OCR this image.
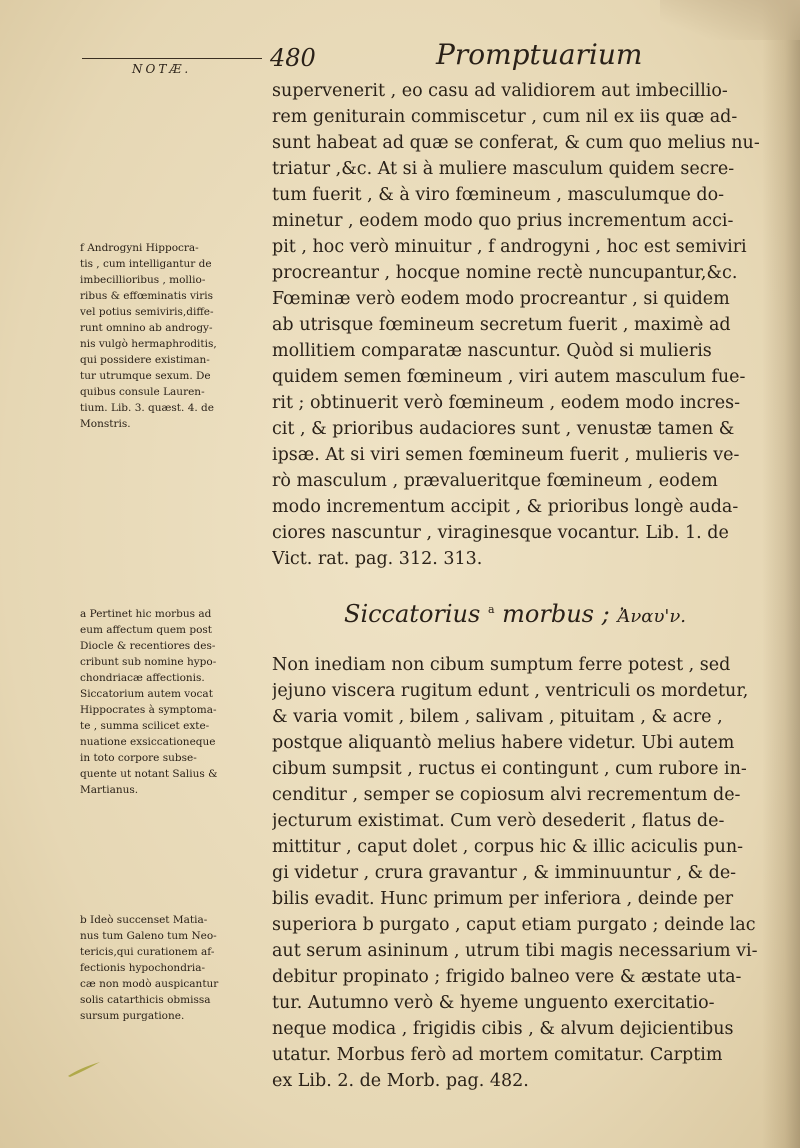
NOTÆ.	480	Promptuarium
supervenerit , eo casu ad validiorem aut imbecillio-
rem geniturain commiscetur , cum nil ex iis quæ ad-
sunt habeat ad quæ se conferat, & cum quo melius nu-
triatur ,&c. At si à muliere masculum quidem secre-
tum fuerit , & à viro fœmineum , masculumque do-
minetur , eodem modo quo prius incrementum acci-
pit , hoc verò minuitur , f androgyni , hoc est semiviri
procreantur , hocque nomine rectè nuncupantur,&c.
Fœminæ verò eodem modo procreantur , si quidem
ab utrisque fœmineum secretum fuerit , maximè ad
mollitiem comparatæ nascuntur. Quòd si mulieris
quidem semen fœmineum , viri autem masculum fue-
rit ; obtinuerit verò fœmineum , eodem modo incres-
cit , & prioribus audaciores sunt , venustæ tamen &
ipsæ. At si viri semen fœmineum fuerit , mulieris ve-
rò masculum , prævalueritque fœmineum , eodem
modo incrementum accipit , & prioribus longè auda-
ciores nascuntur , viraginesque vocantur. Lib. 1. de
Vict. rat. pag. 312. 313.
f Androgyni Hippocra-
tis , cum intelligantur de
imbecillioribus , mollio-
ribus & effœminatis viris
vel potius semiviris,diffe-
runt omnino ab androgy-
nis vulgò hermaphroditis,
qui possidere existiman-
tur utrumque sexum. De
quibus consule Lauren-
tium. Lib. 3. quæst. 4. de
Monstris.
Siccatorius $^a$ morbus ; Ἀναυ'ν.
Non inediam non cibum sumptum ferre potest , sed
jejuno viscera rugitum edunt , ventriculi os mordetur,
& varia vomit , bilem , salivam , pituitam , & acre ,
postque aliquantò melius habere videtur. Ubi autem
cibum sumpsit , ructus ei contingunt , cum rubore in-
cenditur , semper se copiosum alvi recrementum de-
jecturum existimat. Cum verò desederit , flatus de-
mittitur , caput dolet , corpus hic & illic aciculis pun-
gi videtur , crura gravantur , & imminuuntur , & de-
bilis evadit. Hunc primum per inferiora , deinde per
superiora b purgato , caput etiam purgato ; deinde lac
aut serum asininum , utrum tibi magis necessarium vi-
debitur propinato ; frigido balneo vere & æstate uta-
tur. Autumno verò & hyeme unguento exercitatio-
neque modica , frigidis cibis , & alvum dejicientibus
utatur. Morbus ferò ad mortem comitatur. Carptim
ex Lib. 2. de Morb. pag. 482.
a Pertinet hic morbus ad
eum affectum quem post
Diocle & recentiores des-
cribunt sub nomine hypo-
chondriacæ affectionis.
Siccatorium autem vocat
Hippocrates à symptoma-
te , summa scilicet exte-
nuatione exsiccationeque
in toto corpore subse-
quente ut notant Salius &
Martianus.
b Ideò succenset Matia-
nus tum Galeno tum Neo-
tericis,qui curationem af-
fectionis hypochondria-
cæ non modò auspicantur
solis catarthicis obmissa
sursum purgatione.
